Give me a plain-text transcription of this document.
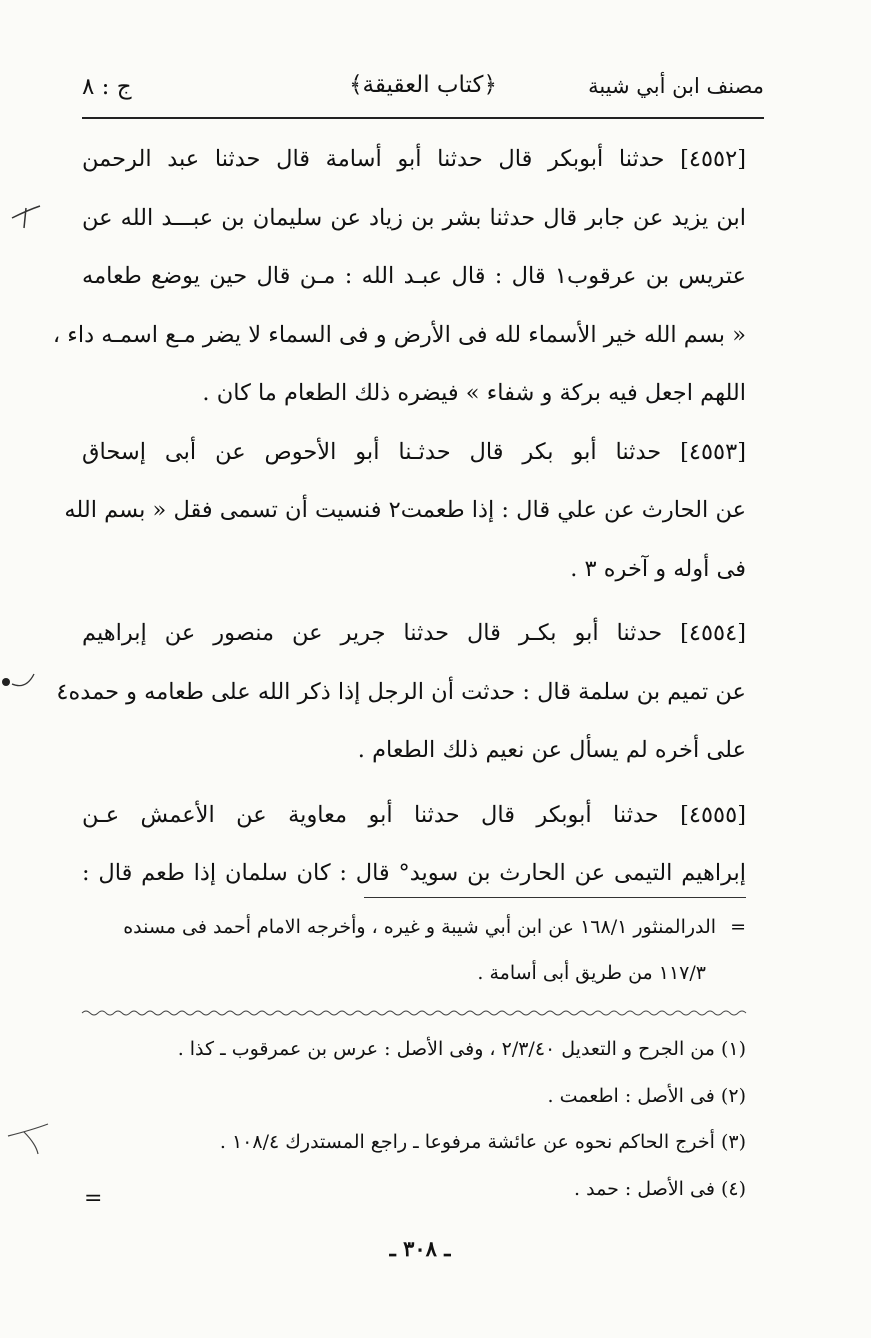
مصنف ابن أبي شيبة
﴿كتاب العقيقة﴾
ج : ٨
[٤٥٥٢] حدثنا أبوبكر قال حدثنا أبو أسامة قال حدثنا عبد الرحمن
ابن يزيد عن جابر قال حدثنا بشر بن زياد عن سليمان بن عبـــد الله عن
عتريس بن عرقوب١ قال : قال عبـد الله : مـن قال حين يوضع طعامه
« بسم الله خير الأسماء لله فى الأرض و فى السماء لا يضر مـع اسمـه داء ،
اللهم اجعل فيه بركة و شفاء » فيضره ذلك الطعام ما كان .
[٤٥٥٣] حدثنا أبو بكر قال حدثـنا أبو الأحوص عن أبى إسحاق
عن الحارث عن علي قال : إذا طعمت٢ فنسيت أن تسمى فقل « بسم الله
فى أوله و آخره ٣ .
[٤٥٥٤] حدثنا أبو بكـر قال حدثنا جرير عن منصور عن إبراهيم
عن تميم بن سلمة قال : حدثت أن الرجل إذا ذكر الله على طعامه و حمده٤
على أخره لم يسأل عن نعيم ذلك الطعام .
[٤٥٥٥] حدثنا أبوبكر قال حدثنا أبو معاوية عن الأعمش عـن
إبراهيم التيمى عن الحارث بن سويد° قال : كان سلمان إذا طعم قال :
=الدرالمنثور ١٦٨/١ عن ابن أبي شيبة و غيره ، وأخرجه الامام أحمد فى مسنده
١١٧/٣ من طريق أبى أسامة .
(١) من الجرح و التعديل ٢/٣/٤٠ ، وفى الأصل : عرس بن عمرقوب ـ كذا .
(٢) فى الأصل : اطعمت .
(٣) أخرج الحاكم نحوه عن عائشة مرفوعا ـ راجع المستدرك ١٠٨/٤ .
(٤) فى الأصل : حمد .
ـ ٣٠٨ ـ
=
